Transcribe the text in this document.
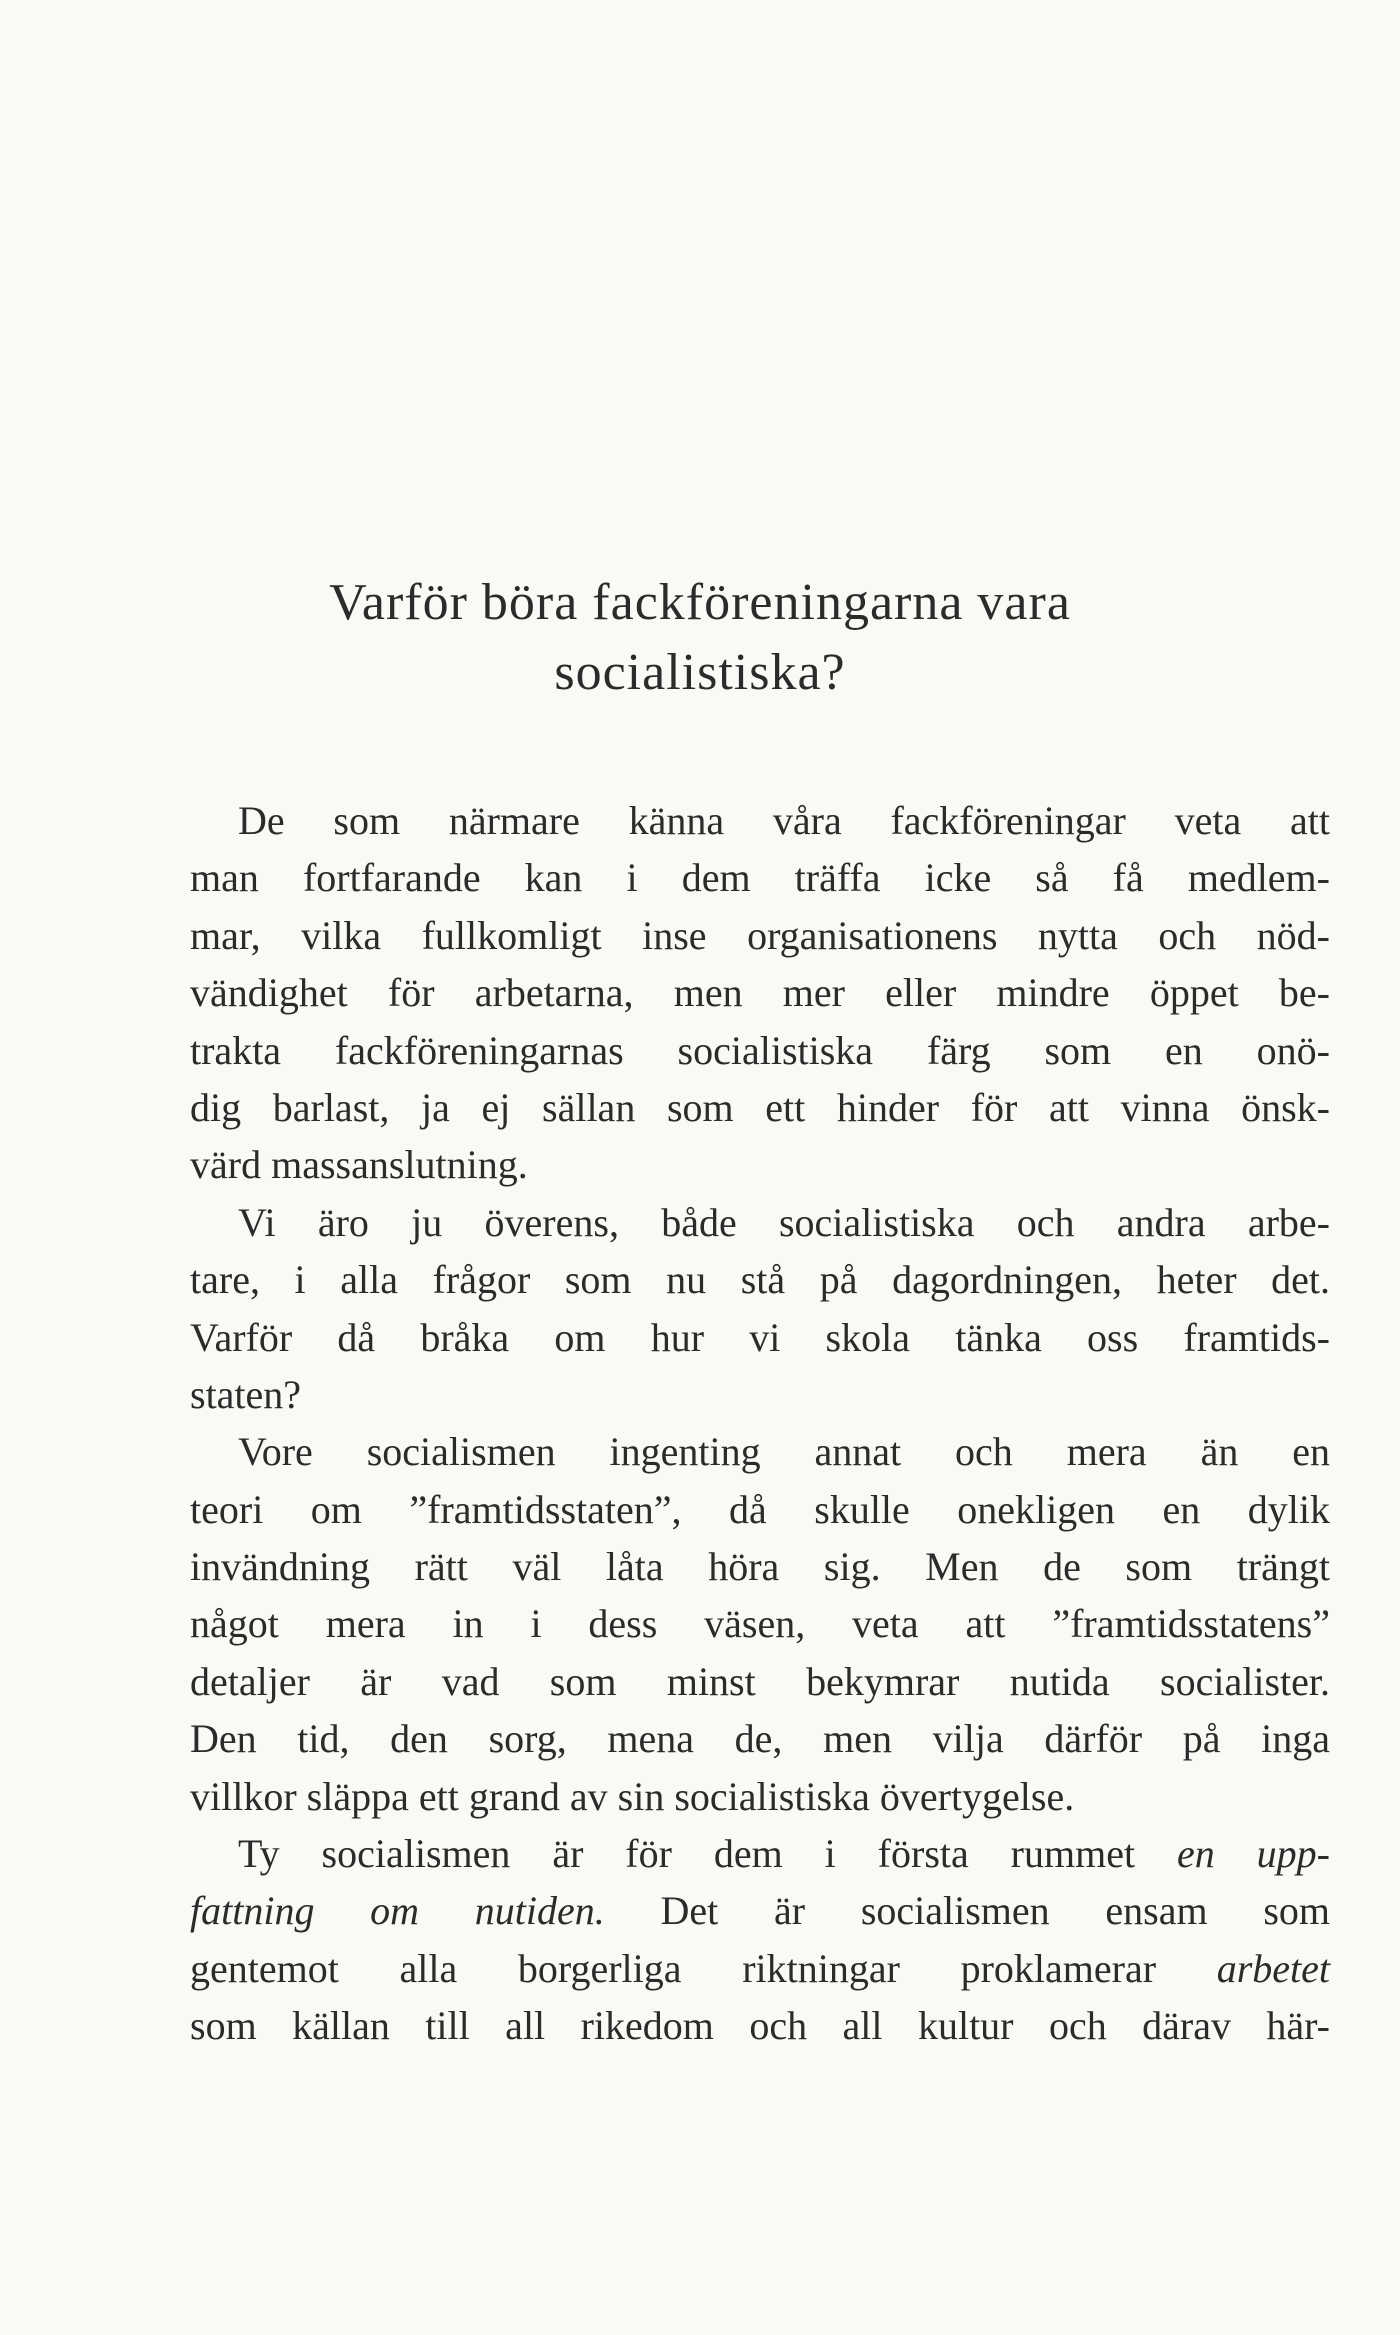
Varför böra fackföreningarna vara
socialistiska?
De som närmare känna våra fackföreningar veta att
man fortfarande kan i dem träffa icke så få medlem-
mar, vilka fullkomligt inse organisationens nytta och nöd-
vändighet för arbetarna, men mer eller mindre öppet be-
trakta fackföreningarnas socialistiska färg som en onö-
dig barlast, ja ej sällan som ett hinder för att vinna önsk-
värd massanslutning.
Vi äro ju överens, både socialistiska och andra arbe-
tare, i alla frågor som nu stå på dagordningen, heter det.
Varför då bråka om hur vi skola tänka oss framtids-
staten?
Vore socialismen ingenting annat och mera än en
teori om ”framtidsstaten”, då skulle onekligen en dylik
invändning rätt väl låta höra sig. Men de som trängt
något mera in i dess väsen, veta att ”framtidsstatens”
detaljer är vad som minst bekymrar nutida socialister.
Den tid, den sorg, mena de, men vilja därför på inga
villkor släppa ett grand av sin socialistiska övertygelse.
Ty socialismen är för dem i första rummet en upp-
fattning om nutiden. Det är socialismen ensam som
gentemot alla borgerliga riktningar proklamerar arbetet
som källan till all rikedom och all kultur och därav här-
